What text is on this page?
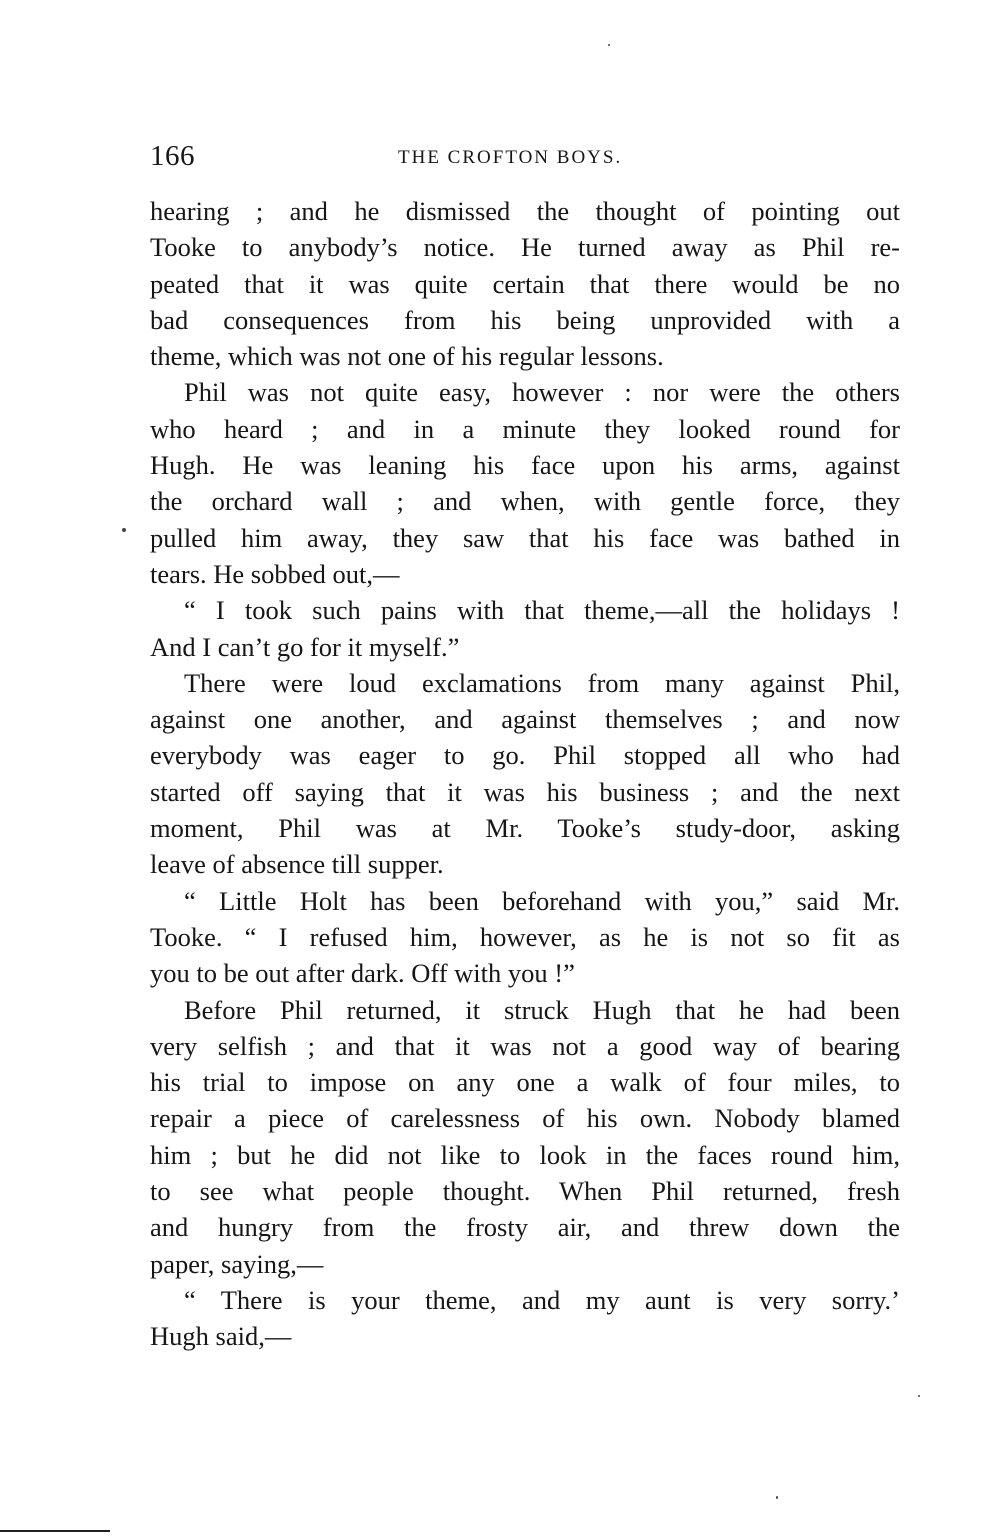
166	THE CROFTON BOYS.
hearing ; and he dismissed the thought of pointing out
Tooke to anybody’s notice. He turned away as Phil re-
peated that it was quite certain that there would be no
bad consequences from his being unprovided with a
theme, which was not one of his regular lessons.
Phil was not quite easy, however : nor were the others
who heard ; and in a minute they looked round for
Hugh. He was leaning his face upon his arms, against
the orchard wall ; and when, with gentle force, they
pulled him away, they saw that his face was bathed in
tears. He sobbed out,—
“ I took such pains with that theme,—all the holidays !
And I can’t go for it myself.”
There were loud exclamations from many against Phil,
against one another, and against themselves ; and now
everybody was eager to go. Phil stopped all who had
started off saying that it was his business ; and the next
moment, Phil was at Mr. Tooke’s study-door, asking
leave of absence till supper.
“ Little Holt has been beforehand with you,” said Mr.
Tooke. “ I refused him, however, as he is not so fit as
you to be out after dark. Off with you !”
Before Phil returned, it struck Hugh that he had been
very selfish ; and that it was not a good way of bearing
his trial to impose on any one a walk of four miles, to
repair a piece of carelessness of his own. Nobody blamed
him ; but he did not like to look in the faces round him,
to see what people thought. When Phil returned, fresh
and hungry from the frosty air, and threw down the
paper, saying,—
“ There is your theme, and my aunt is very sorry.’
Hugh said,—
